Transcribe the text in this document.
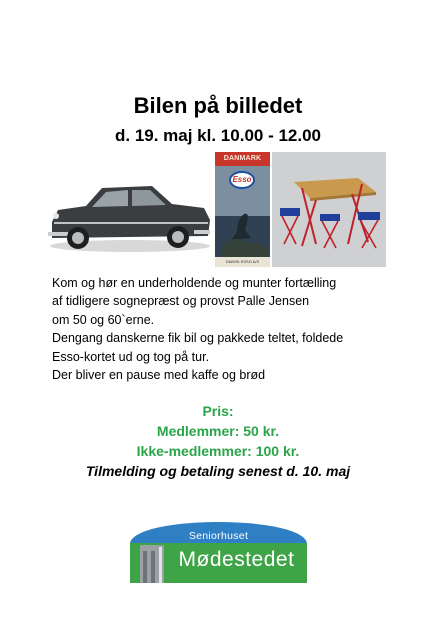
Bilen på billedet
d. 19. maj kl. 10.00 - 12.00
DANMARK
Esso
DANSK ESSO A/S
Kom og hør en underholdende og munter fortælling
af tidligere sognepræst og provst Palle Jensen
om 50 og 60`erne.
Dengang danskerne fik bil og pakkede teltet, foldede
Esso-kortet ud og tog på tur.
Der bliver en pause med kaffe og brød
Pris:
Medlemmer: 50 kr.
Ikke-medlemmer: 100 kr.
Tilmelding og betaling senest d. 10. maj
Seniorhuset
Mødestedet
